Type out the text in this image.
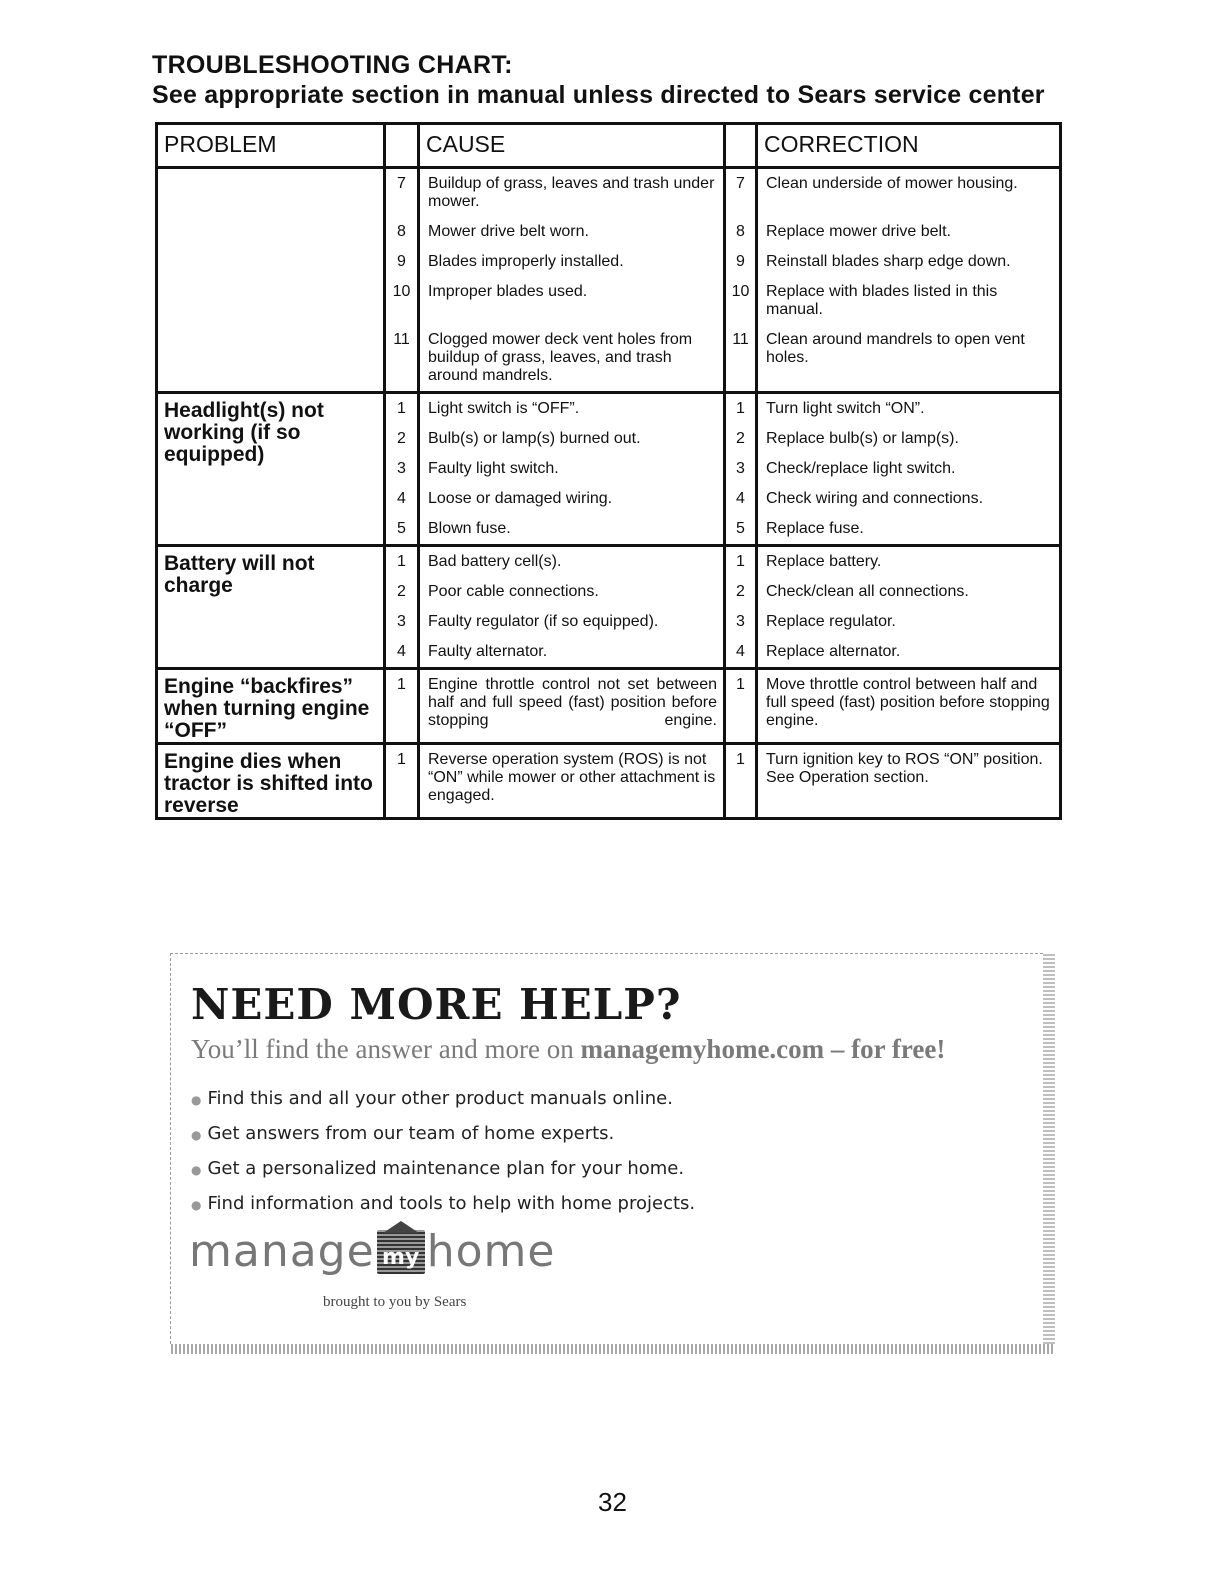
TROUBLESHOOTING CHART:
See appropriate section in manual unless directed to Sears service center
PROBLEM		CAUSE		CORRECTION
	7	Buildup of grass, leaves and trash under mower.	7	Clean underside of mower housing.
	8	Mower drive belt worn.	8	Replace mower drive belt.
	9	Blades improperly installed.	9	Reinstall blades sharp edge down.
	10	Improper blades used.	10	Replace with blades listed in this manual.
	11	Clogged mower deck vent holes from buildup of grass, leaves, and trash around mandrels.	11	Clean around mandrels to open vent holes.
Headlight(s) not working (if so equipped)	1	Light switch is “OFF”.	1	Turn light switch “ON”.
	2	Bulb(s) or lamp(s) burned out.	2	Replace bulb(s) or lamp(s).
	3	Faulty light switch.	3	Check/replace light switch.
	4	Loose or damaged wiring.	4	Check wiring and connections.
	5	Blown fuse.	5	Replace fuse.
Battery will not charge	1	Bad battery cell(s).	1	Replace battery.
	2	Poor cable connections.	2	Check/clean all connections.
	3	Faulty regulator (if so equipped).	3	Replace regulator.
	4	Faulty alternator.	4	Replace alternator.
Engine “backfires” when turning engine “OFF”	1	Engine throttle control not set between half and full speed (fast) position before stopping engine.	1	Move throttle control between half and full speed (fast) position before stopping engine.
Engine dies when tractor is shifted into reverse	1	Reverse operation system (ROS) is not “ON” while mower or other attachment is engaged.	1	Turn ignition key to ROS “ON” position. See Operation section.
NEED MORE HELP?
You’ll find the answer and more on managemyhome.com – for free!
● Find this and all your other product manuals online.
● Get answers from our team of home experts.
● Get a personalized maintenance plan for your home.
● Find information and tools to help with home projects.
manage my home
brought to you by Sears
32
